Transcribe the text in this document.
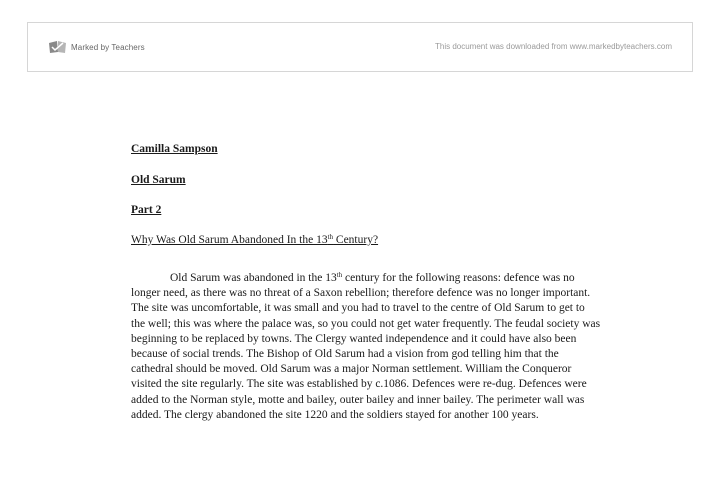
Marked by Teachers	This document was downloaded from www.markedbyteachers.com
Camilla Sampson
Old Sarum
Part 2
Why Was Old Sarum Abandoned In the 13th Century?

Old Sarum was abandoned in the 13th century for the following reasons: defence was no longer need, as there was no threat of a Saxon rebellion; therefore defence was no longer important. The site was uncomfortable, it was small and you had to travel to the centre of Old Sarum to get to the well; this was where the palace was, so you could not get water frequently. The feudal society was beginning to be replaced by towns. The Clergy wanted independence and it could have also been because of social trends. The Bishop of Old Sarum had a vision from god telling him that the cathedral should be moved. Old Sarum was a major Norman settlement. William the Conqueror visited the site regularly. The site was established by c.1086. Defences were re-dug. Defences were added to the Norman style, motte and bailey, outer bailey and inner bailey. The perimeter wall was added. The clergy abandoned the site 1220 and the soldiers stayed for another 100 years.
